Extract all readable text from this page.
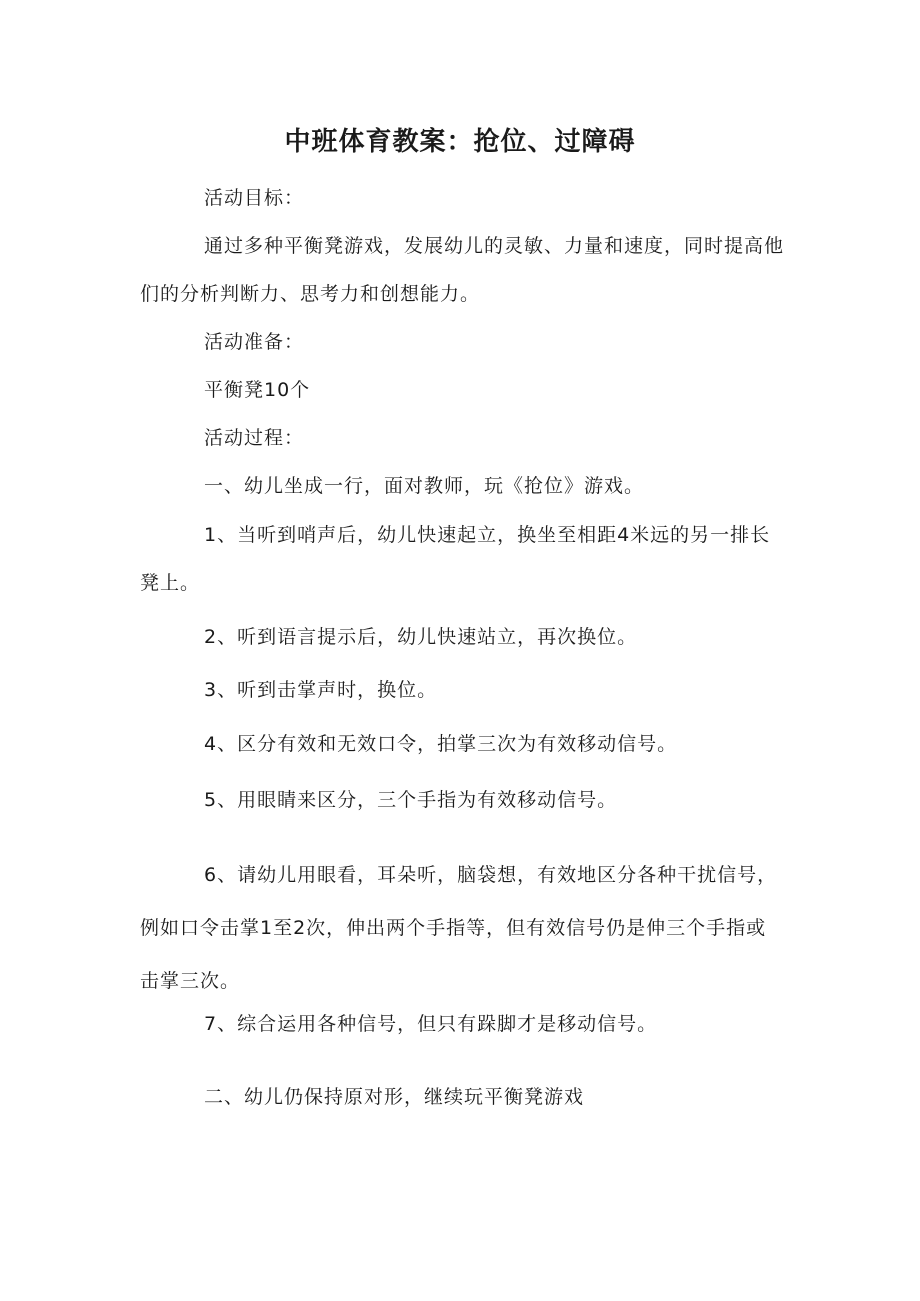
中班体育教案：抢位、过障碍

活动目标：

通过多种平衡凳游戏，发展幼儿的灵敏、力量和速度，同时提高他们的分析判断力、思考力和创想能力。

活动准备：

平衡凳10个

活动过程：

一、幼儿坐成一行，面对教师，玩《抢位》游戏。

1、当听到哨声后，幼儿快速起立，换坐至相距4米远的另一排长凳上。

2、听到语言提示后，幼儿快速站立，再次换位。

3、听到击掌声时，换位。

4、区分有效和无效口令，拍掌三次为有效移动信号。

5、用眼睛来区分，三个手指为有效移动信号。

6、请幼儿用眼看，耳朵听，脑袋想，有效地区分各种干扰信号，例如口令击掌1至2次，伸出两个手指等，但有效信号仍是伸三个手指或击掌三次。

7、综合运用各种信号，但只有跺脚才是移动信号。

二、幼儿仍保持原对形，继续玩平衡凳游戏
